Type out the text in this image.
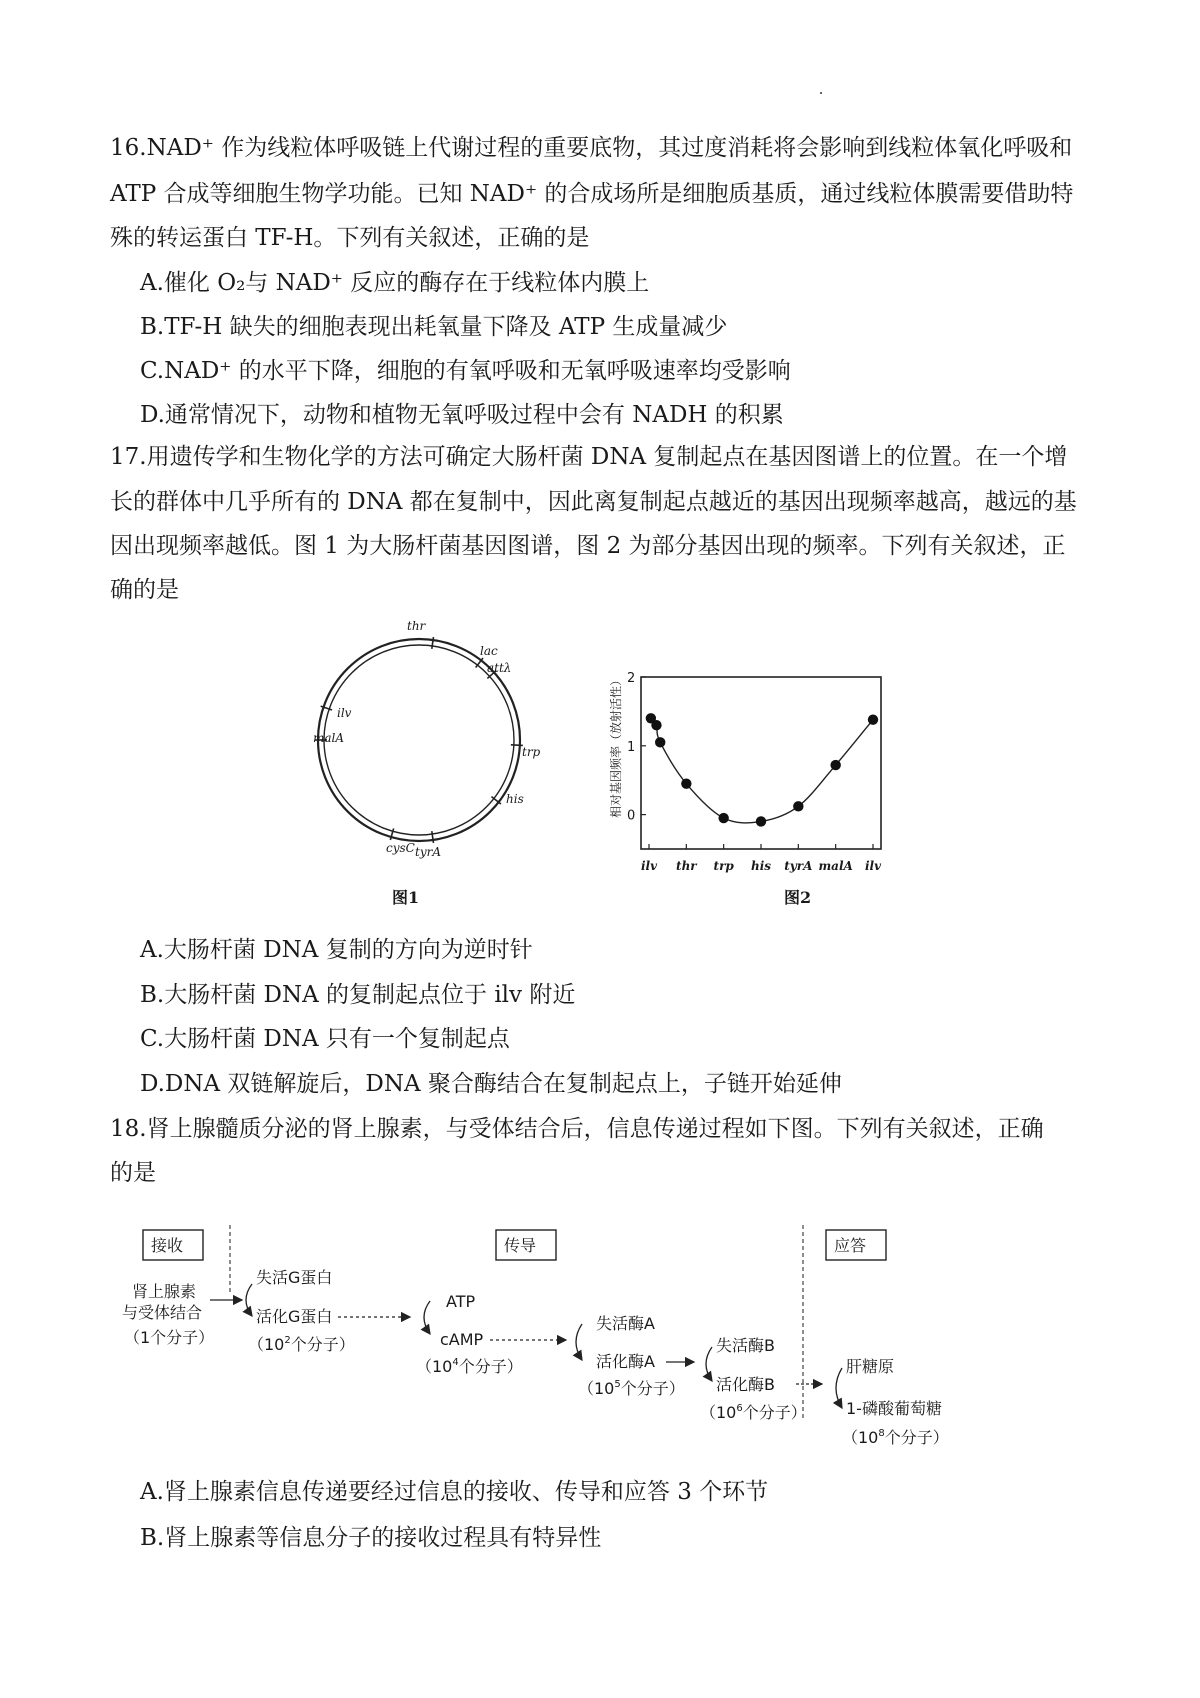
16.NAD⁺ 作为线粒体呼吸链上代谢过程的重要底物，其过度消耗将会影响到线粒体氧化呼吸和
ATP 合成等细胞生物学功能。已知 NAD⁺ 的合成场所是细胞质基质，通过线粒体膜需要借助特
殊的转运蛋白 TF-H。下列有关叙述，正确的是
A.催化 O₂与 NAD⁺ 反应的酶存在于线粒体内膜上
B.TF-H 缺失的细胞表现出耗氧量下降及 ATP 生成量减少
C.NAD⁺ 的水平下降，细胞的有氧呼吸和无氧呼吸速率均受影响
D.通常情况下，动物和植物无氧呼吸过程中会有 NADH 的积累
17.用遗传学和生物化学的方法可确定大肠杆菌 DNA 复制起点在基因图谱上的位置。在一个增
长的群体中几乎所有的 DNA 都在复制中，因此离复制起点越近的基因出现频率越高，越远的基
因出现频率越低。图 1 为大肠杆菌基因图谱，图 2 为部分基因出现的频率。下列有关叙述，正
确的是
thr
lac
attλ
trp
his
tyrA
cysC
malA
ilv
图1
0
1
2
ilv thr trp his tyrA malA ilv
相对基因频率（放射活性）
图2
A.大肠杆菌 DNA 复制的方向为逆时针
B.大肠杆菌 DNA 的复制起点位于 ilv 附近
C.大肠杆菌 DNA 只有一个复制起点
D.DNA 双链解旋后，DNA 聚合酶结合在复制起点上，子链开始延伸
18.肾上腺髓质分泌的肾上腺素，与受体结合后，信息传递过程如下图。下列有关叙述，正确
的是
接收	传导	应答
肾上腺素
与受体结合
（1个分子）
失活G蛋白
活化G蛋白
（$10^2$个分子）
ATP
cAMP
（$10^4$个分子）
失活酶A
活化酶A
（$10^5$个分子）
失活酶B
活化酶B
（$10^6$个分子）
肝糖原
1-磷酸葡萄糖
（$10^8$个分子）
A.肾上腺素信息传递要经过信息的接收、传导和应答 3 个环节
B.肾上腺素等信息分子的接收过程具有特异性
